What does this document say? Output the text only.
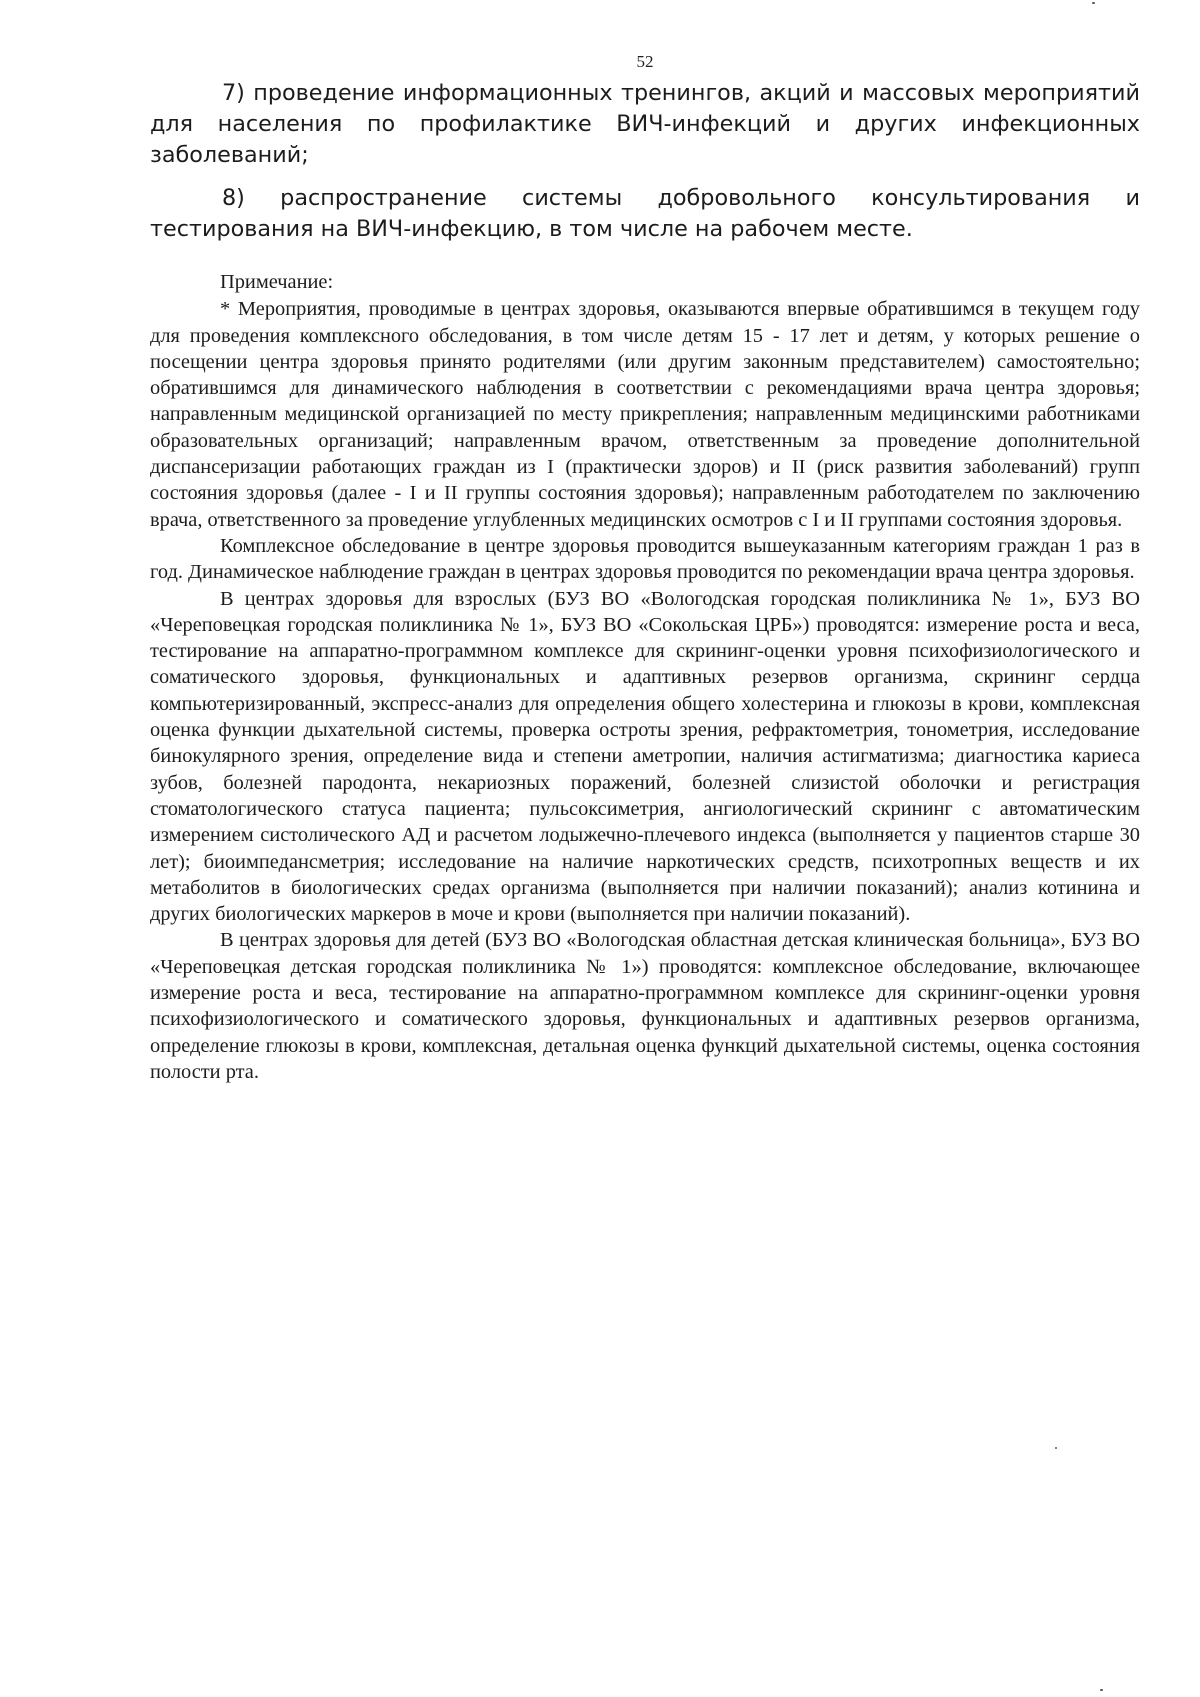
52

7) проведение информационных тренингов, акций и массовых мероприятий для населения по профилактике ВИЧ-инфекций и других инфекционных заболеваний;

8) распространение системы добровольного консультирования и тестирования на ВИЧ-инфекцию, в том числе на рабочем месте.

Примечание:

* Мероприятия, проводимые в центрах здоровья, оказываются впервые обратившимся в текущем году для проведения комплексного обследования, в том числе детям 15 - 17 лет и детям, у которых решение о посещении центра здоровья принято родителями (или другим законным представителем) самостоятельно; обратившимся для динамического наблюдения в соответствии с рекомендациями врача центра здоровья; направленным медицинской организацией по месту прикрепления; направленным медицинскими работниками образовательных организаций; направленным врачом, ответственным за проведение дополнительной диспансеризации работающих граждан из I (практически здоров) и II (риск развития заболеваний) групп состояния здоровья (далее - I и II группы состояния здоровья); направленным работодателем по заключению врача, ответственного за проведение углубленных медицинских осмотров с I и II группами состояния здоровья.

Комплексное обследование в центре здоровья проводится вышеуказанным категориям граждан 1 раз в год. Динамическое наблюдение граждан в центрах здоровья проводится по рекомендации врача центра здоровья.

В центрах здоровья для взрослых (БУЗ ВО «Вологодская городская поликлиника № 1», БУЗ ВО «Череповецкая городская поликлиника № 1», БУЗ ВО «Сокольская ЦРБ») проводятся: измерение роста и веса, тестирование на аппаратно-программном комплексе для скрининг-оценки уровня психофизиологического и соматического здоровья, функциональных и адаптивных резервов организма, скрининг сердца компьютеризированный, экспресс-анализ для определения общего холестерина и глюкозы в крови, комплексная оценка функции дыхательной системы, проверка остроты зрения, рефрактометрия, тонометрия, исследование бинокулярного зрения, определение вида и степени аметропии, наличия астигматизма; диагностика кариеса зубов, болезней пародонта, некариозных поражений, болезней слизистой оболочки и регистрация стоматологического статуса пациента; пульсоксиметрия, ангиологический скрининг с автоматическим измерением систолического АД и расчетом лодыжечно-плечевого индекса (выполняется у пациентов старше 30 лет); биоимпедансметрия; исследование на наличие наркотических средств, психотропных веществ и их метаболитов в биологических средах организма (выполняется при наличии показаний); анализ котинина и других биологических маркеров в моче и крови (выполняется при наличии показаний).

В центрах здоровья для детей (БУЗ ВО «Вологодская областная детская клиническая больница», БУЗ ВО «Череповецкая детская городская поликлиника № 1») проводятся: комплексное обследование, включающее измерение роста и веса, тестирование на аппаратно-программном комплексе для скрининг-оценки уровня психофизиологического и соматического здоровья, функциональных и адаптивных резервов организма, определение глюкозы в крови, комплексная, детальная оценка функций дыхательной системы, оценка состояния полости рта.
